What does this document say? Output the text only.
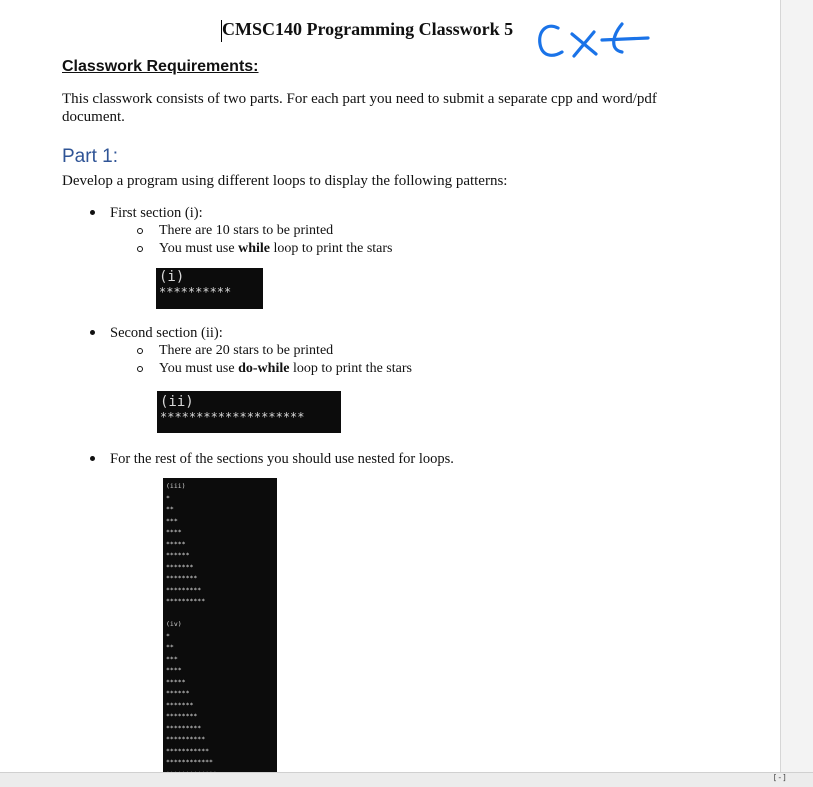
CMSC140 Programming Classwork 5
Classwork Requirements:
This classwork consists of two parts. For each part you need to submit a separate cpp and word/pdf document.
Part 1:
Develop a program using different loops to display the following patterns:
First section (i):
There are 10 stars to be printed
You must use while loop to print the stars
(i)
**********
Second section (ii):
There are 20 stars to be printed
You must use do-while loop to print the stars
(ii)
********************
For the rest of the sections you should use nested for loops.
(iii)
*
**
***
****
*****
******
*******
********
*********
**********

(iv)
*
**
***
****
*****
******
*******
********
*********
**********
***********
************
[-]
